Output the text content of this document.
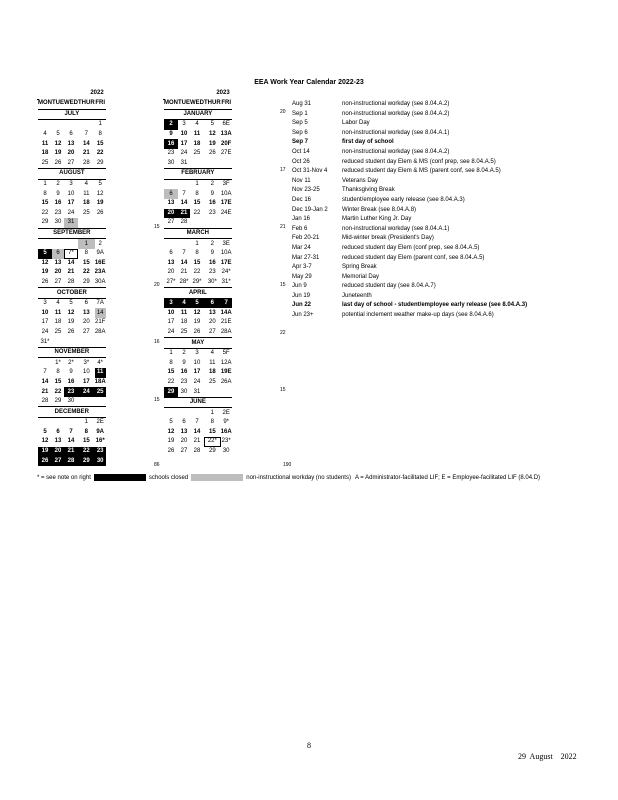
EEA Work Year Calendar 2022-23
2022	2023
MON	TUE	WED	THUR	FRI
JULY				
				1
4	5	6	7	8
11	12	13	14	15
18	19	20	21	22
25	26	27	28	29
AUGUST				
1	2	3	4	5
8	9	10	11	12
15	16	17	18	19
22	23	24	25	26
29	30	31		
SEPTEMBER				
			1	2
5	6	7*	8	9A
12	13	14	15	16E
19	20	21	22	23A
26	27	28	29	30A
OCTOBER				
3	4	5	6	7A
10	11	12	13	14
17	18	19	20	21F
24	25	26	27	28A
31*				
NOVEMBER				
	1*	2*	3*	4*
7	8	9	10	11
14	15	16	17	18A
21	22	23	24	25
28	29	30		
DECEMBER				
			1	2E
5	6	7	8	9A
12	13	14	15	16*
19	20	21	22	23
26	27	28	29	30
MON	TUE	WED	THUR	FRI
JANUARY				
2	3	4	5	6E
9	10	11	12	13A
16	17	18	19	20F
23	24	25	26	27E
30	31			
FEBRUARY				
		1	2	3F
6	7	8	9	10A
13	14	15	16	17E
20	21	22	23	24E
27	28			
MARCH				
		1	2	3E
6	7	8	9	10A
13	14	15	16	17E
20	21	22	23	24*
27*	28*	29*	30*	31*
APRIL				
3	4	5	6	7
10	11	12	13	14A
17	18	19	20	21E
24	25	26	27	28A
MAY				
1	2	3	4	5F
8	9	10	11	12A
15	16	17	18	19E
22	23	24	25	26A
29	30	31		
JUNE				
			1	2E
5	6	7	8	9*
12	13	14	15	16A
19	20	21	22*	23*
26	27	28	29	30
Aug 31	non-instructional workday (see 8.04.A.2)
Sep 1	non-instructional workday (see 8.04.A.2)
Sep 5	Labor Day
Sep 6	non-instructional workday (see 8.04.A.1)
Sep 7	first day of school
Oct 14	non-instructional workday (see 8.04.A.2)
Oct 26	reduced student day Elem & MS (conf prep, see 8.04.A.5)
Oct 31-Nov 4	reduced student day Elem & MS (parent conf, see 8.04.A.5)
Nov 11	Veterans Day
Nov 23-25	Thanksgiving Break
Dec 16	student/employee early release (see 8.04.A.3)
Dec 19-Jan 2	Winter Break (see 8.04.A.8)
Jan 16	Martin Luther King Jr. Day
Feb 6	non-instructional workday (see 8.04.A.1)
Feb 20-21	Mid-winter break (President's Day)
Mar 24	reduced student day Elem (conf prep, see 8.04.A.5)
Mar 27-31	reduced student day Elem (parent conf, see 8.04.A.5)
Apr 3-7	Spring Break
May 29	Memorial Day
Jun 9	reduced student day (see 8.04.A.7)
Jun 19	Juneteenth
Jun 22	last day of school - student/employee early release (see 8.04.A.3)
Jun 23+	potential inclement weather make-up days (see 8.04.A.6)
* = see note on right	schools closed	non-instructional workday (no students) A = Administrator-facilitated LIF; E = Employee-facilitated LIF (8.04.D)
86	190
8
29  August    2022
15
20
16
15
20
17
21
15
22
15
